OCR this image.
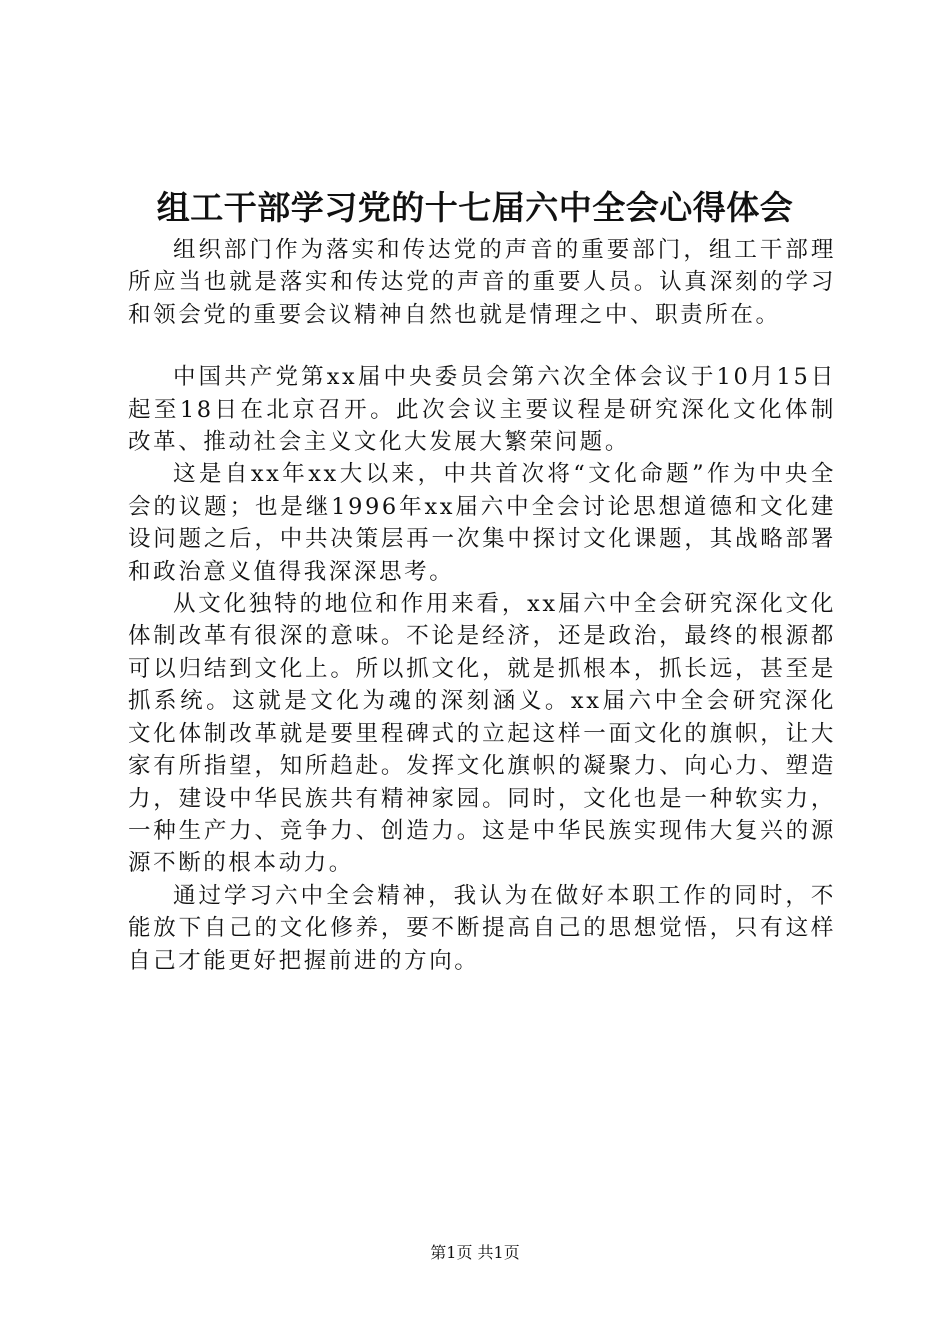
组工干部学习党的十七届六中全会心得体会

组织部门作为落实和传达党的声音的重要部门，组工干部理所应当也就是落实和传达党的声音的重要人员。认真深刻的学习和领会党的重要会议精神自然也就是情理之中、职责所在。

中国共产党第xx届中央委员会第六次全体会议于10月15日起至18日在北京召开。此次会议主要议程是研究深化文化体制改革、推动社会主义文化大发展大繁荣问题。

这是自xx年xx大以来，中共首次将“文化命题”作为中央全会的议题；也是继1996年xx届六中全会讨论思想道德和文化建设问题之后，中共决策层再一次集中探讨文化课题，其战略部署和政治意义值得我深深思考。

从文化独特的地位和作用来看，xx届六中全会研究深化文化体制改革有很深的意味。不论是经济，还是政治，最终的根源都可以归结到文化上。所以抓文化，就是抓根本，抓长远，甚至是抓系统。这就是文化为魂的深刻涵义。xx届六中全会研究深化文化体制改革就是要里程碑式的立起这样一面文化的旗帜，让大家有所指望，知所趋赴。发挥文化旗帜的凝聚力、向心力、塑造力，建设中华民族共有精神家园。同时，文化也是一种软实力，一种生产力、竞争力、创造力。这是中华民族实现伟大复兴的源源不断的根本动力。

通过学习六中全会精神，我认为在做好本职工作的同时，不能放下自己的文化修养，要不断提高自己的思想觉悟，只有这样自己才能更好把握前进的方向。

第1页 共1页
